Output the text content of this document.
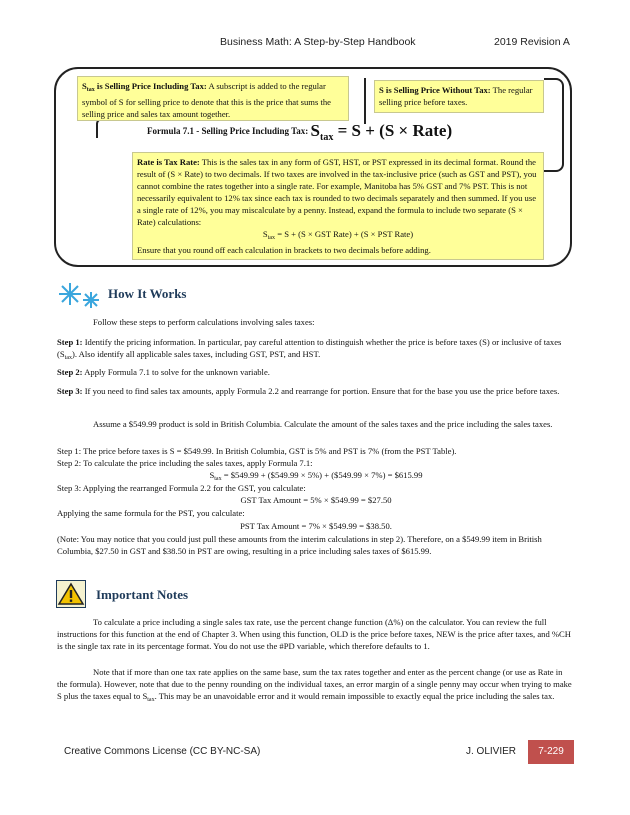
Business Math: A Step-by-Step Handbook	2019 Revision A
$S_{tax}$ is Selling Price Including Tax: A subscript is added to the regular symbol of S for selling price to denote that this is the price that sums the selling price and sales tax amount together.
S is Selling Price Without Tax: The regular selling price before taxes.
Formula 7.1 - Selling Price Including Tax: $S_{tax} = S + (S$ × Rate)
Rate is Tax Rate: This is the sales tax in any form of GST, HST, or PST expressed in its decimal format. Round the result of (S × Rate) to two decimals. If two taxes are involved in the tax-inclusive price (such as GST and PST), you cannot combine the rates together into a single rate. For example, Manitoba has 5% GST and 7% PST. This is not necessarily equivalent to 12% tax since each tax is rounded to two decimals separately and then summed. If you use a single rate of 12%, you may miscalculate by a penny. Instead, expand the formula to include two separate (S × Rate) calculations:
$S_{tax} = S + (S$ × GST Rate) + (S × PST Rate)
Ensure that you round off each calculation in brackets to two decimals before adding.
How It Works
Follow these steps to perform calculations involving sales taxes:
Step 1: Identify the pricing information. In particular, pay careful attention to distinguish whether the price is before taxes (S) or inclusive of taxes $(S_{tax})$. Also identify all applicable sales taxes, including GST, PST, and HST.
Step 2: Apply Formula 7.1 to solve for the unknown variable.
Step 3: If you need to find sales tax amounts, apply Formula 2.2 and rearrange for portion. Ensure that for the base you use the price before taxes.
Assume a $549.99 product is sold in British Columbia. Calculate the amount of the sales taxes and the price including the sales taxes.
Step 1: The price before taxes is S = $549.99. In British Columbia, GST is 5% and PST is 7% (from the PST Table).
Step 2: To calculate the price including the sales taxes, apply Formula 7.1:
$S_{tax}$ = $549.99 + ($549.99 × 5%) + ($549.99 × 7%) = $615.99
Step 3: Applying the rearranged Formula 2.2 for the GST, you calculate:
GST Tax Amount = 5% × $549.99 = $27.50
Applying the same formula for the PST, you calculate:
PST Tax Amount = 7% × $549.99 = $38.50.
(Note: You may notice that you could just pull these amounts from the interim calculations in step 2). Therefore, on a $549.99 item in British Columbia, $27.50 in GST and $38.50 in PST are owing, resulting in a price including sales taxes of $615.99.
Important Notes
To calculate a price including a single sales tax rate, use the percent change function (Δ%) on the calculator. You can review the full instructions for this function at the end of Chapter 3. When using this function, OLD is the price before taxes, NEW is the price after taxes, and %CH is the single tax rate in its percentage format. You do not use the #PD variable, which therefore defaults to 1.
Note that if more than one tax rate applies on the same base, sum the tax rates together and enter as the percent change (or use as Rate in the formula). However, note that due to the penny rounding on the individual taxes, an error margin of a single penny may occur when trying to make S plus the taxes equal to $S_{tax}$. This may be an unavoidable error and it would remain impossible to exactly equal the price including the sales tax.
Creative Commons License (CC BY-NC-SA)	J. OLIVIER	7-229
